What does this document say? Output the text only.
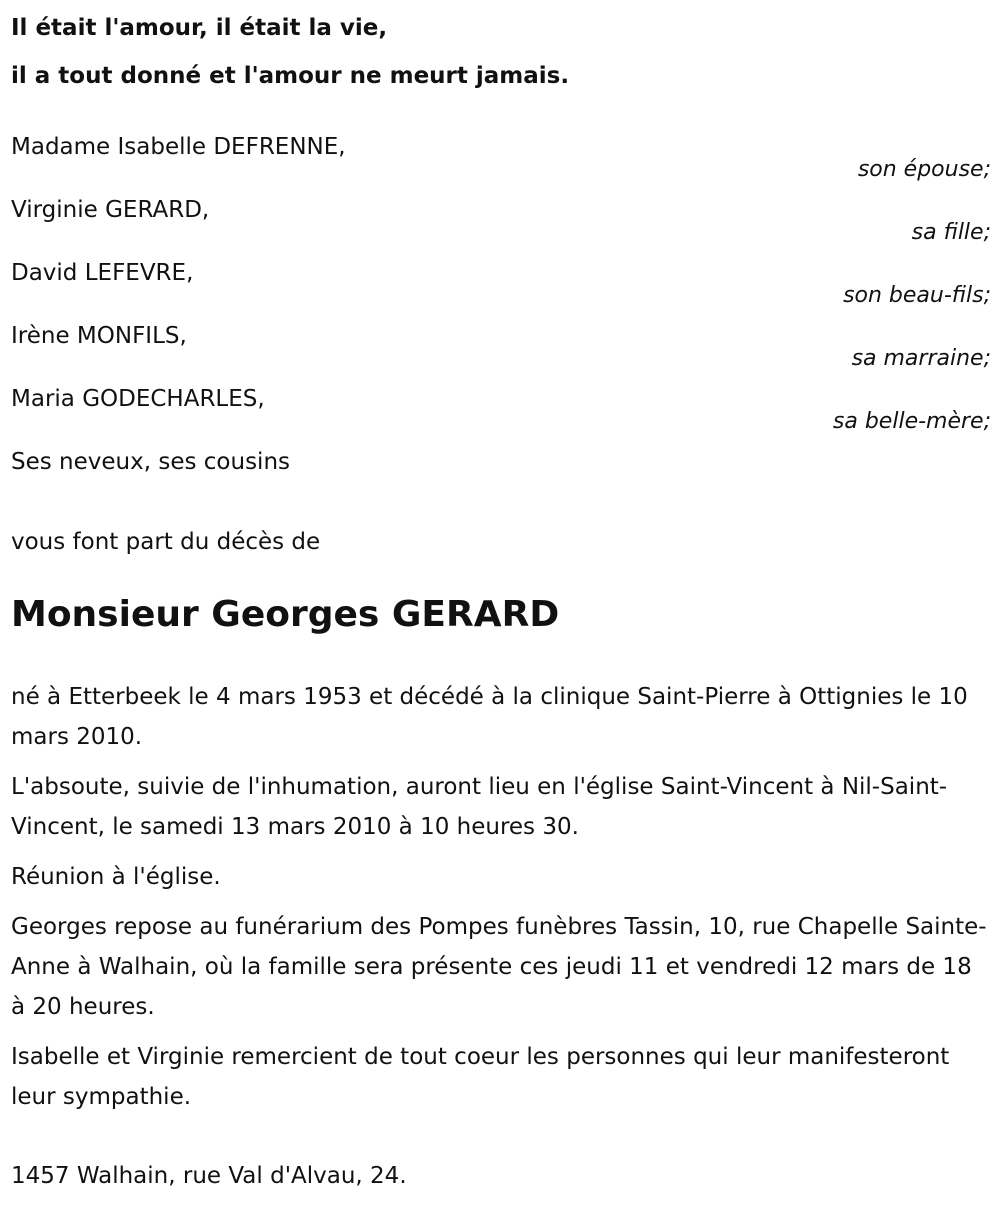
Il était l'amour, il était la vie,
il a tout donné et l'amour ne meurt jamais.
Madame Isabelle DEFRENNE,
son épouse;
Virginie GERARD,
sa fille;
David LEFEVRE,
son beau-fils;
Irène MONFILS,
sa marraine;
Maria GODECHARLES,
sa belle-mère;
Ses neveux, ses cousins

vous font part du décès de

Monsieur Georges GERARD

né à Etterbeek le 4 mars 1953 et décédé à la clinique Saint-Pierre à Ottignies le 10 mars 2010.

L'absoute, suivie de l'inhumation, auront lieu en l'église Saint-Vincent à Nil-Saint-Vincent, le samedi 13 mars 2010 à 10 heures 30.

Réunion à l'église.

Georges repose au funérarium des Pompes funèbres Tassin, 10, rue Chapelle Sainte-Anne à Walhain, où la famille sera présente ces jeudi 11 et vendredi 12 mars de 18 à 20 heures.

Isabelle et Virginie remercient de tout coeur les personnes qui leur manifesteront leur sympathie.

1457 Walhain, rue Val d'Alvau, 24.
